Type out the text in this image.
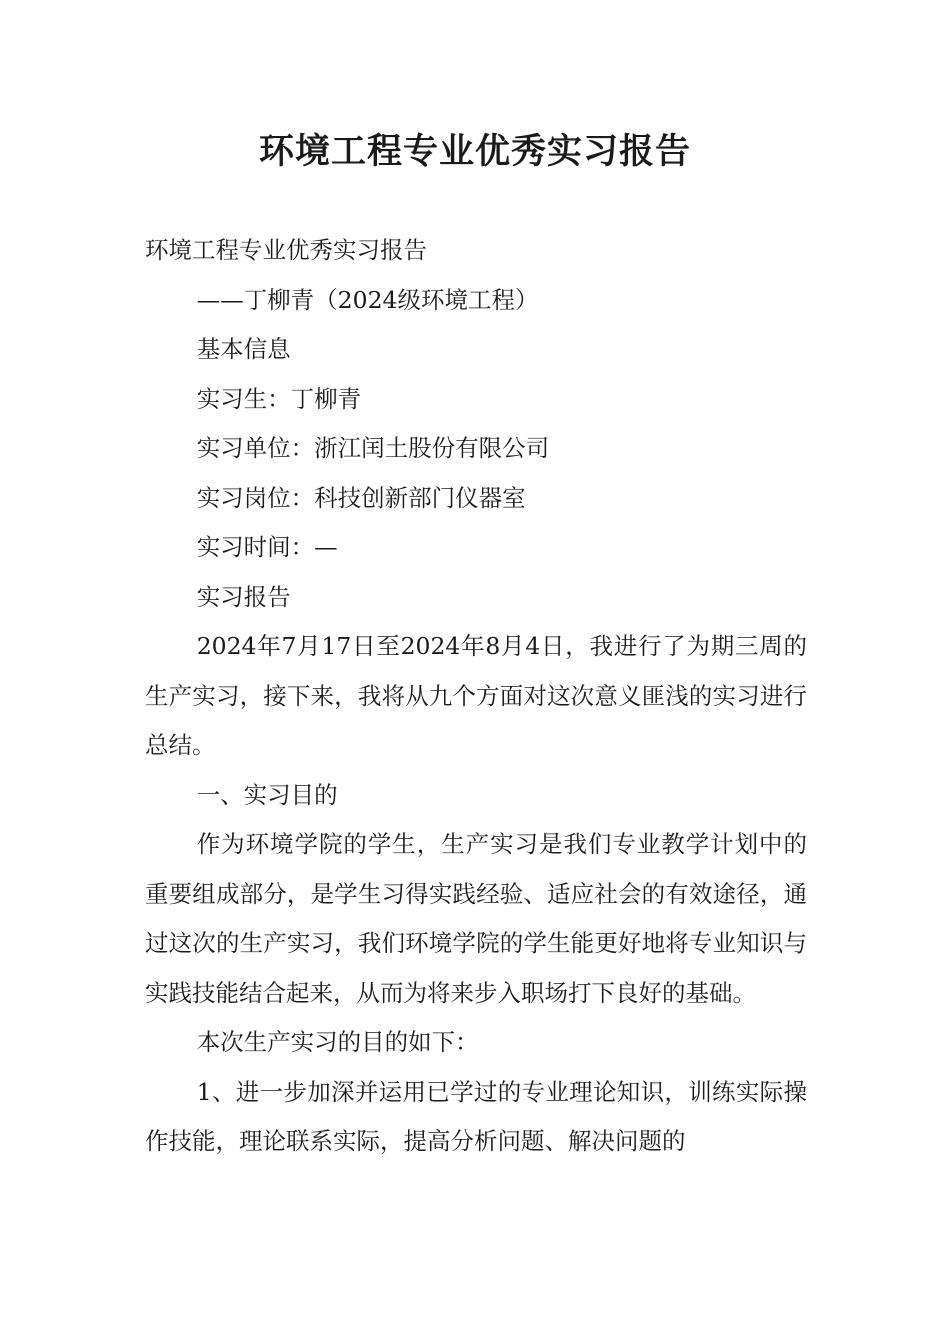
环境工程专业优秀实习报告

环境工程专业优秀实习报告

——丁柳青（2024级环境工程）

基本信息

实习生：丁柳青

实习单位：浙江闰土股份有限公司

实习岗位：科技创新部门仪器室

实习时间：—

实习报告

2024年7月17日至2024年8月4日，我进行了为期三周的生产实习，接下来，我将从九个方面对这次意义匪浅的实习进行总结。

一、实习目的

作为环境学院的学生，生产实习是我们专业教学计划中的重要组成部分，是学生习得实践经验、适应社会的有效途径，通过这次的生产实习，我们环境学院的学生能更好地将专业知识与实践技能结合起来，从而为将来步入职场打下良好的基础。

本次生产实习的目的如下：

1、进一步加深并运用已学过的专业理论知识，训练实际操作技能，理论联系实际，提高分析问题、解决问题的
